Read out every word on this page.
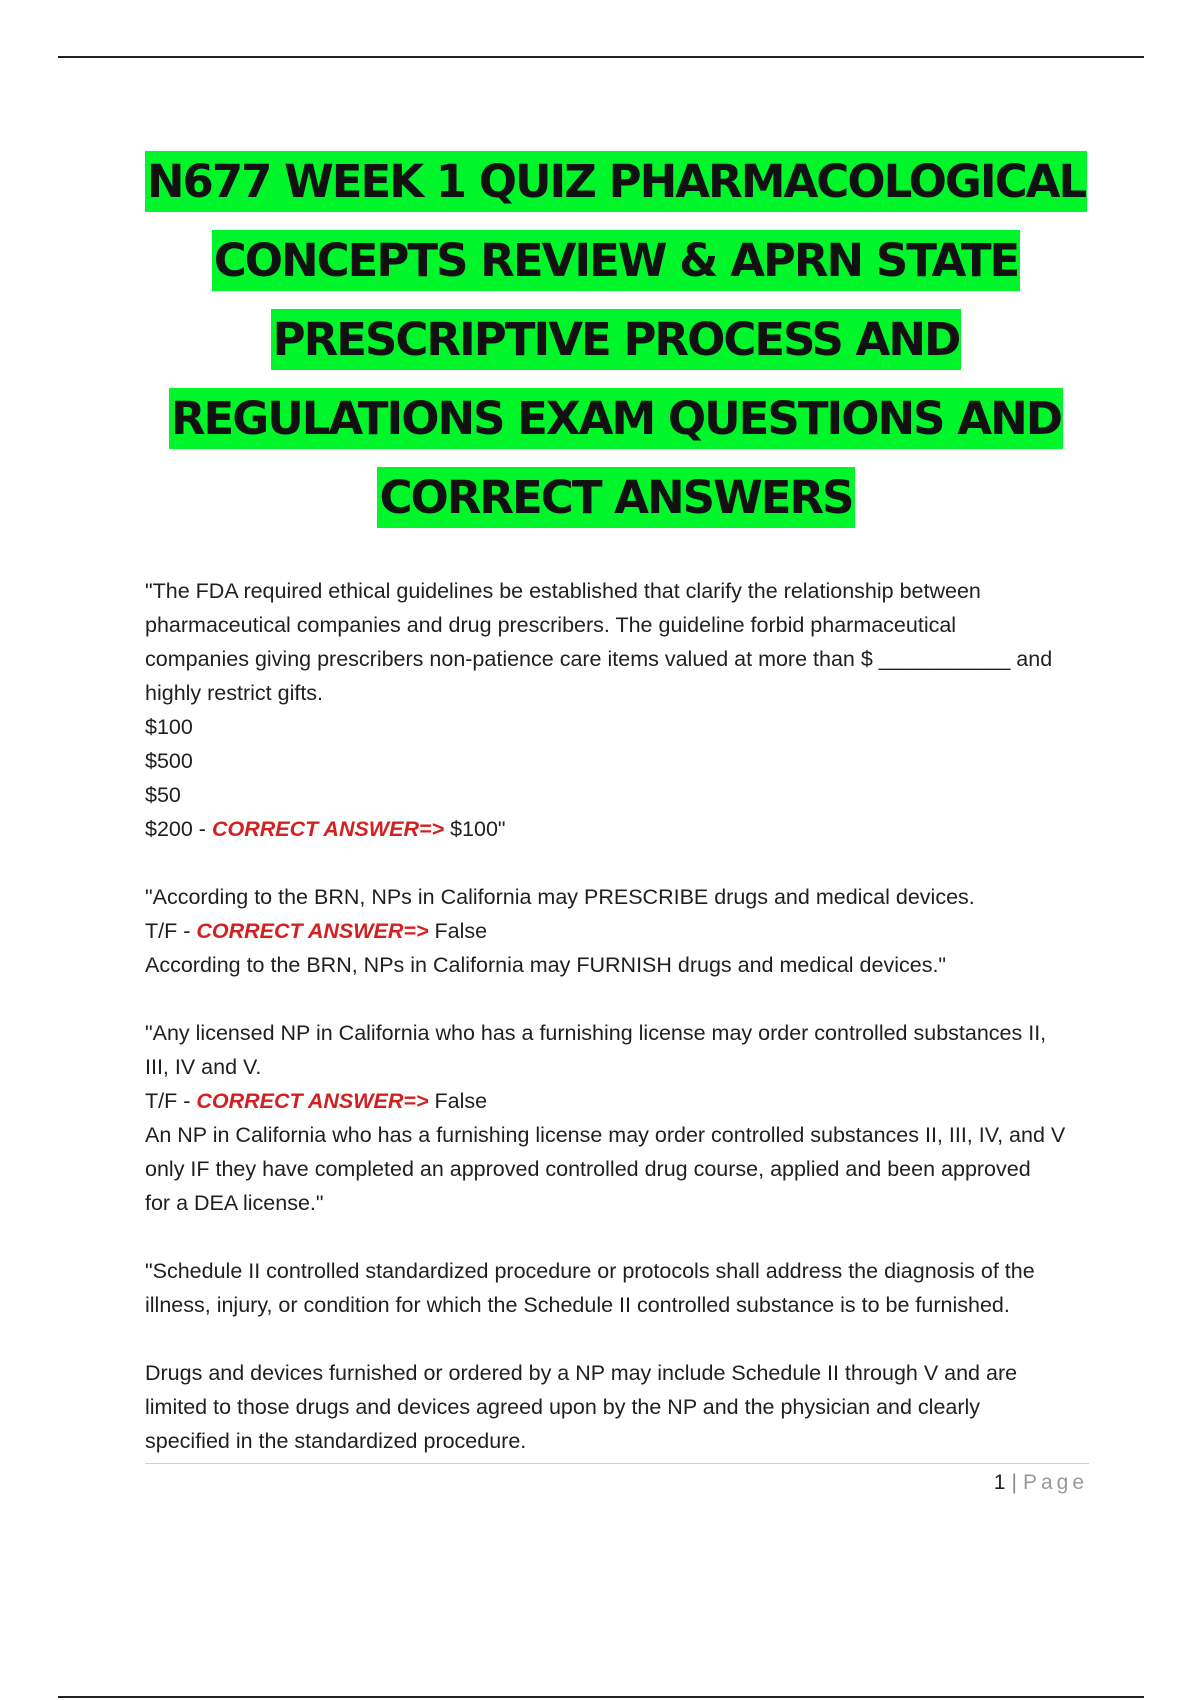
N677 WEEK 1 QUIZ PHARMACOLOGICAL
CONCEPTS REVIEW & APRN STATE
PRESCRIPTIVE PROCESS AND
REGULATIONS EXAM QUESTIONS AND
CORRECT ANSWERS
"The FDA required ethical guidelines be established that clarify the relationship between
pharmaceutical companies and drug prescribers. The guideline forbid pharmaceutical
companies giving prescribers non-patience care items valued at more than $ ___________ and
highly restrict gifts.
$100
$500
$50
$200 - CORRECT ANSWER=> $100"
"According to the BRN, NPs in California may PRESCRIBE drugs and medical devices.
T/F - CORRECT ANSWER=> False
According to the BRN, NPs in California may FURNISH drugs and medical devices."
"Any licensed NP in California who has a furnishing license may order controlled substances II,
III, IV and V.
T/F - CORRECT ANSWER=> False
An NP in California who has a furnishing license may order controlled substances II, III, IV, and V
only IF they have completed an approved controlled drug course, applied and been approved
for a DEA license."
"Schedule II controlled standardized procedure or protocols shall address the diagnosis of the
illness, injury, or condition for which the Schedule II controlled substance is to be furnished.
Drugs and devices furnished or ordered by a NP may include Schedule II through V and are
limited to those drugs and devices agreed upon by the NP and the physician and clearly
specified in the standardized procedure.
1 | Page
